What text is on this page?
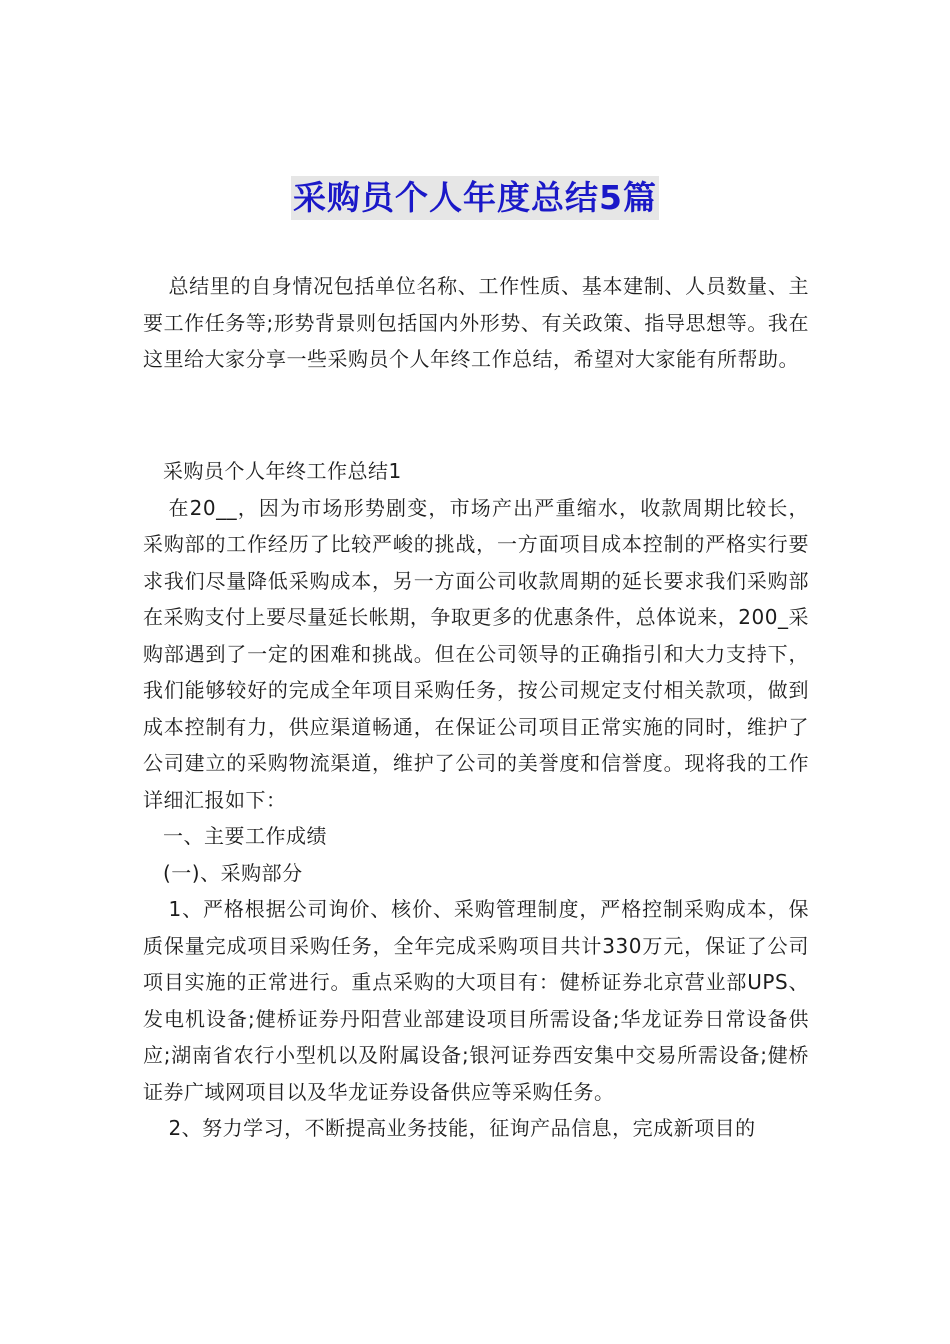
采购员个人年度总结5篇

总结里的自身情况包括单位名称、工作性质、基本建制、人员数量、主要工作任务等;形势背景则包括国内外形势、有关政策、指导思想等。我在这里给大家分享一些采购员个人年终工作总结，希望对大家能有所帮助。

采购员个人年终工作总结1

在20__，因为市场形势剧变，市场产出严重缩水，收款周期比较长，采购部的工作经历了比较严峻的挑战，一方面项目成本控制的严格实行要求我们尽量降低采购成本，另一方面公司收款周期的延长要求我们采购部在采购支付上要尽量延长帐期，争取更多的优惠条件，总体说来，200_采购部遇到了一定的困难和挑战。但在公司领导的正确指引和大力支持下，我们能够较好的完成全年项目采购任务，按公司规定支付相关款项，做到成本控制有力，供应渠道畅通，在保证公司项目正常实施的同时，维护了公司建立的采购物流渠道，维护了公司的美誉度和信誉度。现将我的工作详细汇报如下：

一、主要工作成绩

(一)、采购部分

1、严格根据公司询价、核价、采购管理制度，严格控制采购成本，保质保量完成项目采购任务，全年完成采购项目共计330万元，保证了公司项目实施的正常进行。重点采购的大项目有：健桥证券北京营业部UPS、发电机设备;健桥证券丹阳营业部建设项目所需设备;华龙证券日常设备供应;湖南省农行小型机以及附属设备;银河证券西安集中交易所需设备;健桥证券广域网项目以及华龙证券设备供应等采购任务。

2、努力学习，不断提高业务技能，征询产品信息，完成新项目的
